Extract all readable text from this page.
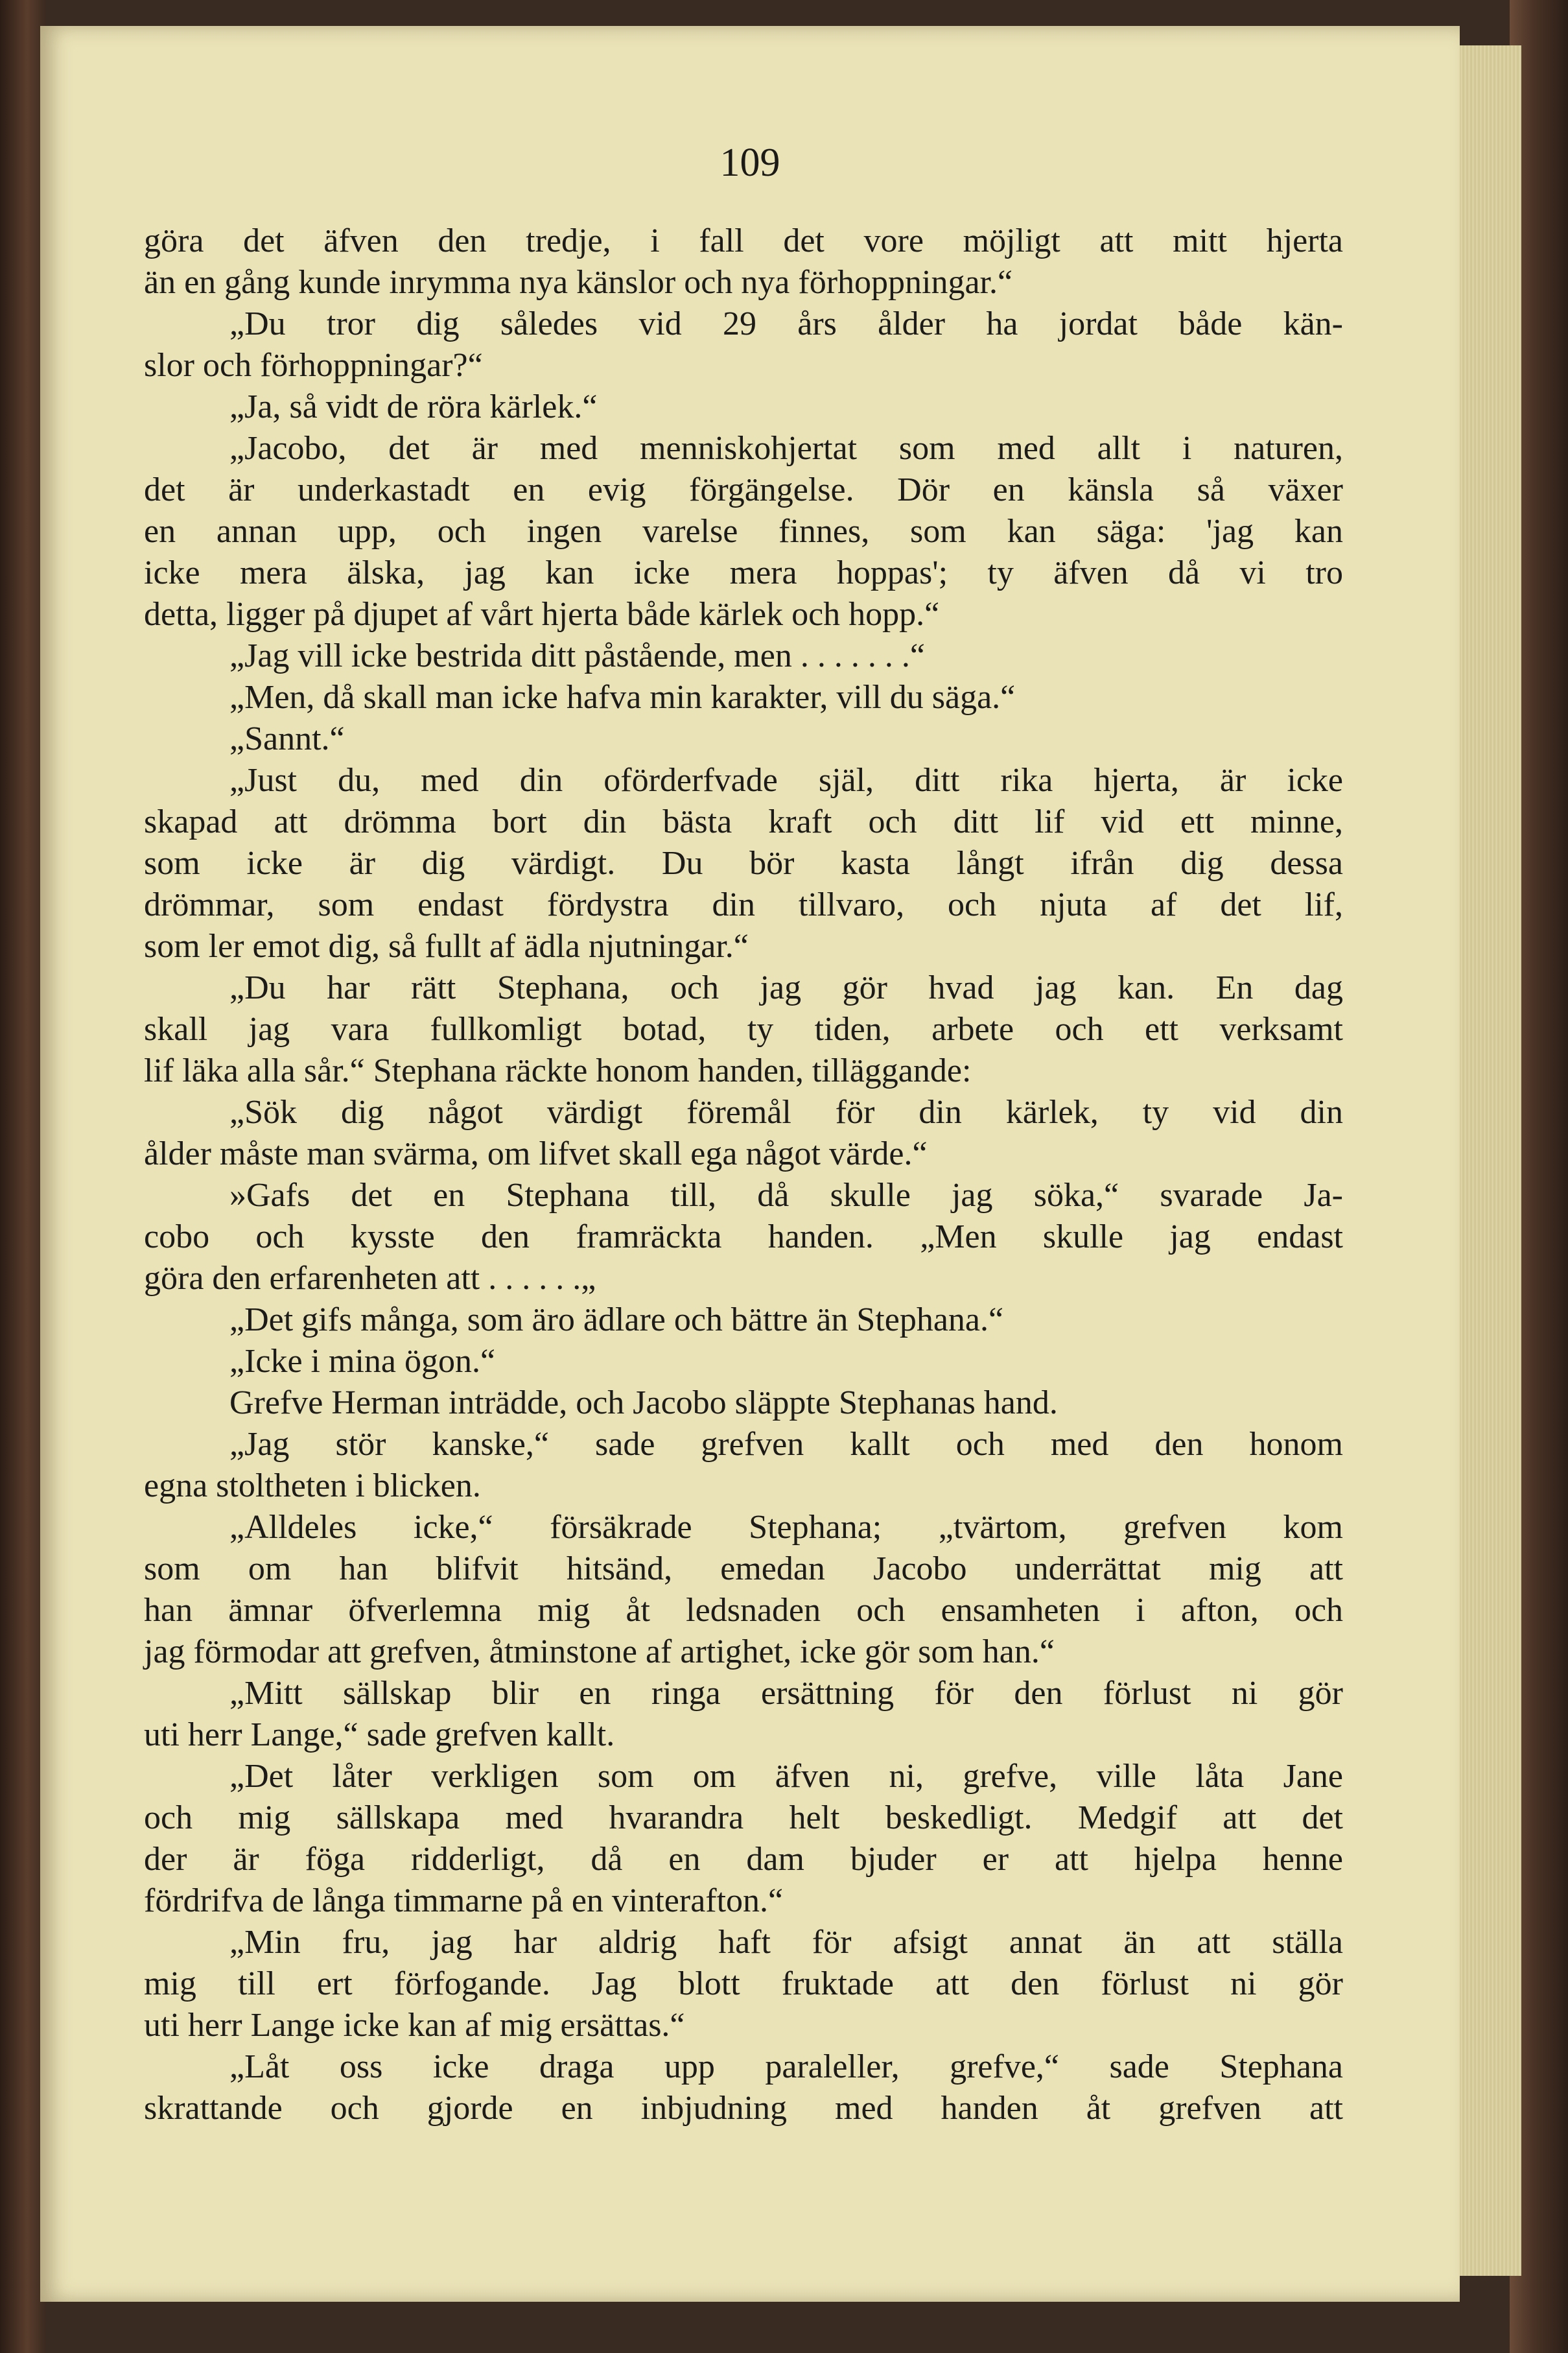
109
göra det äfven den tredje, i fall det vore möjligt att mitt hjerta
än en gång kunde inrymma nya känslor och nya förhoppningar.“
„Du tror dig således vid 29 års ålder ha jordat både kän-
slor och förhoppningar?“
„Ja, så vidt de röra kärlek.“
„Jacobo, det är med menniskohjertat som med allt i naturen,
det är underkastadt en evig förgängelse. Dör en känsla så växer
en annan upp, och ingen varelse finnes, som kan säga: 'jag kan
icke mera älska, jag kan icke mera hoppas'; ty äfven då vi tro
detta, ligger på djupet af vårt hjerta både kärlek och hopp.“
„Jag vill icke bestrida ditt påstående, men . . . . . . .“
„Men, då skall man icke hafva min karakter, vill du säga.“
„Sannt.“
„Just du, med din oförderfvade själ, ditt rika hjerta, är icke
skapad att drömma bort din bästa kraft och ditt lif vid ett minne,
som icke är dig värdigt. Du bör kasta långt ifrån dig dessa
drömmar, som endast fördystra din tillvaro, och njuta af det lif,
som ler emot dig, så fullt af ädla njutningar.“
„Du har rätt Stephana, och jag gör hvad jag kan. En dag
skall jag vara fullkomligt botad, ty tiden, arbete och ett verksamt
lif läka alla sår.“ Stephana räckte honom handen, tilläggande:
„Sök dig något värdigt föremål för din kärlek, ty vid din
ålder måste man svärma, om lifvet skall ega något värde.“
»Gafs det en Stephana till, då skulle jag söka,“ svarade Ja-
cobo och kysste den framräckta handen. „Men skulle jag endast
göra den erfarenheten att . . . . . .„
„Det gifs många, som äro ädlare och bättre än Stephana.“
„Icke i mina ögon.“
Grefve Herman inträdde, och Jacobo släppte Stephanas hand.
„Jag stör kanske,“ sade grefven kallt och med den honom
egna stoltheten i blicken.
„Alldeles icke,“ försäkrade Stephana; „tvärtom, grefven kom
som om han blifvit hitsänd, emedan Jacobo underrättat mig att
han ämnar öfverlemna mig åt ledsnaden och ensamheten i afton, och
jag förmodar att grefven, åtminstone af artighet, icke gör som han.“
„Mitt sällskap blir en ringa ersättning för den förlust ni gör
uti herr Lange,“ sade grefven kallt.
„Det låter verkligen som om äfven ni, grefve, ville låta Jane
och mig sällskapa med hvarandra helt beskedligt. Medgif att det
der är föga ridderligt, då en dam bjuder er att hjelpa henne
fördrifva de långa timmarne på en vinterafton.“
„Min fru, jag har aldrig haft för afsigt annat än att ställa
mig till ert förfogande. Jag blott fruktade att den förlust ni gör
uti herr Lange icke kan af mig ersättas.“
„Låt oss icke draga upp paraleller, grefve,“ sade Stephana
skrattande och gjorde en inbjudning med handen åt grefven att
